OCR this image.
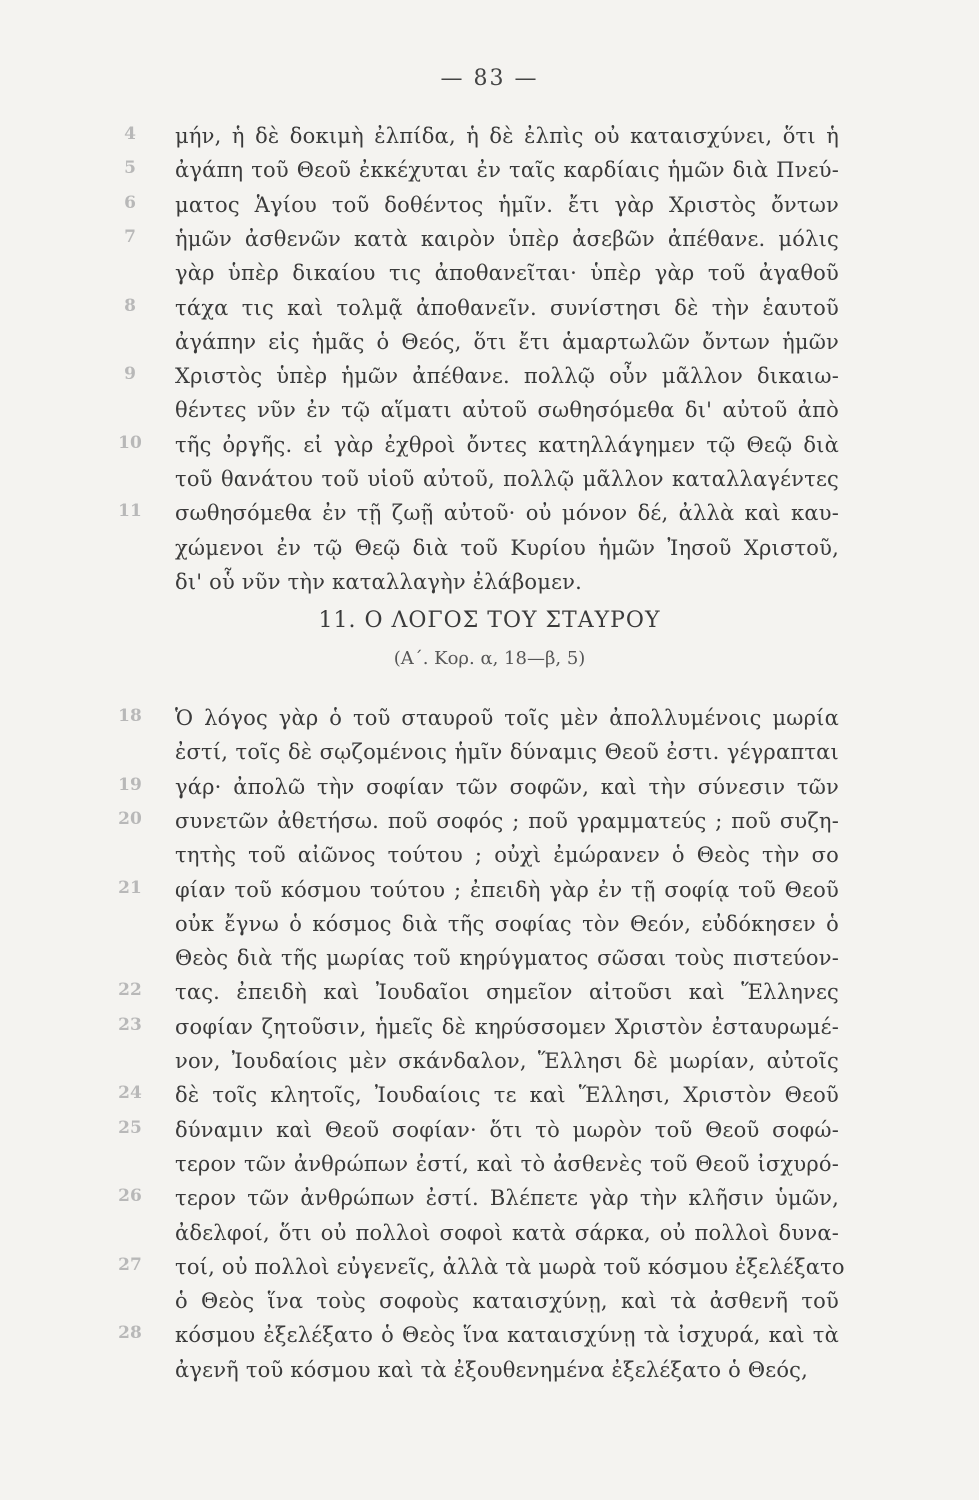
— 83 —
4	μήν, ἡ δὲ δοκιμὴ ἐλπίδα, ἡ δὲ ἐλπὶς οὐ καταισχύνει, ὅτι ἡ
5	ἀγάπη τοῦ Θεοῦ ἐκκέχυται ἐν ταῖς καρδίαις ἡμῶν διὰ Πνεύ-
6	ματος Ἁγίου τοῦ δοθέντος ἡμῖν. ἔτι γὰρ Χριστὸς ὄντων
7	ἡμῶν ἀσθενῶν κατὰ καιρὸν ὑπὲρ ἀσεβῶν ἀπέθανε. μόλις
γὰρ ὑπὲρ δικαίου τις ἀποθανεῖται· ὑπὲρ γὰρ τοῦ ἀγαθοῦ
8	τάχα τις καὶ τολμᾷ ἀποθανεῖν. συνίστησι δὲ τὴν ἑαυτοῦ
ἀγάπην εἰς ἡμᾶς ὁ Θεός, ὅτι ἔτι ἁμαρτωλῶν ὄντων ἡμῶν
9	Χριστὸς ὑπὲρ ἡμῶν ἀπέθανε. πολλῷ οὖν μᾶλλον δικαιω-
θέντες νῦν ἐν τῷ αἵματι αὐτοῦ σωθησόμεθα δι' αὐτοῦ ἀπὸ
10	τῆς ὀργῆς. εἰ γὰρ ἐχθροὶ ὄντες κατηλλάγημεν τῷ Θεῷ διὰ
τοῦ θανάτου τοῦ υἱοῦ αὐτοῦ, πολλῷ μᾶλλον καταλλαγέντες
11	σωθησόμεθα ἐν τῇ ζωῇ αὐτοῦ· οὐ μόνον δέ, ἀλλὰ καὶ καυ-
χώμενοι ἐν τῷ Θεῷ διὰ τοῦ Κυρίου ἡμῶν Ἰησοῦ Χριστοῦ,
δι' οὗ νῦν τὴν καταλλαγὴν ἐλάβομεν.
11. Ο ΛΟΓΟΣ ΤΟΥ ΣΤΑΥΡΟΥ
(Α΄. Κορ. α, 18—β, 5)
18	Ὁ λόγος γὰρ ὁ τοῦ σταυροῦ τοῖς μὲν ἀπολλυμένοις μωρία
ἐστί, τοῖς δὲ σῳζομένοις ἡμῖν δύναμις Θεοῦ ἐστι. γέγραπται
19	γάρ· ἀπολῶ τὴν σοφίαν τῶν σοφῶν, καὶ τὴν σύνεσιν τῶν
20	συνετῶν ἀθετήσω. ποῦ σοφός ; ποῦ γραμματεύς ; ποῦ συζη-
τητὴς τοῦ αἰῶνος τούτου ; οὐχὶ ἐμώρανεν ὁ Θεὸς τὴν σο
21	φίαν τοῦ κόσμου τούτου ; ἐπειδὴ γὰρ ἐν τῇ σοφίᾳ τοῦ Θεοῦ
οὐκ ἔγνω ὁ κόσμος διὰ τῆς σοφίας τὸν Θεόν, εὐδόκησεν ὁ
Θεὸς διὰ τῆς μωρίας τοῦ κηρύγματος σῶσαι τοὺς πιστεύον-
22	τας. ἐπειδὴ καὶ Ἰουδαῖοι σημεῖον αἰτοῦσι καὶ Ἕλληνες
23	σοφίαν ζητοῦσιν, ἡμεῖς δὲ κηρύσσομεν Χριστὸν ἐσταυρωμέ-
νον, Ἰουδαίοις μὲν σκάνδαλον, Ἕλλησι δὲ μωρίαν, αὐτοῖς
24	δὲ τοῖς κλητοῖς, Ἰουδαίοις τε καὶ Ἕλλησι, Χριστὸν Θεοῦ
25	δύναμιν καὶ Θεοῦ σοφίαν· ὅτι τὸ μωρὸν τοῦ Θεοῦ σοφώ-
τερον τῶν ἀνθρώπων ἐστί, καὶ τὸ ἀσθενὲς τοῦ Θεοῦ ἰσχυρό-
26	τερον τῶν ἀνθρώπων ἐστί. Βλέπετε γὰρ τὴν κλῆσιν ὑμῶν,
ἀδελφοί, ὅτι οὐ πολλοὶ σοφοὶ κατὰ σάρκα, οὐ πολλοὶ δυνα-
27	τοί, οὐ πολλοὶ εὐγενεῖς, ἀλλὰ τὰ μωρὰ τοῦ κόσμου ἐξελέξατο
ὁ Θεὸς ἵνα τοὺς σοφοὺς καταισχύνῃ, καὶ τὰ ἀσθενῆ τοῦ
28	κόσμου ἐξελέξατο ὁ Θεὸς ἵνα καταισχύνῃ τὰ ἰσχυρά, καὶ τὰ
ἀγενῆ τοῦ κόσμου καὶ τὰ ἐξουθενημένα ἐξελέξατο ὁ Θεός,
